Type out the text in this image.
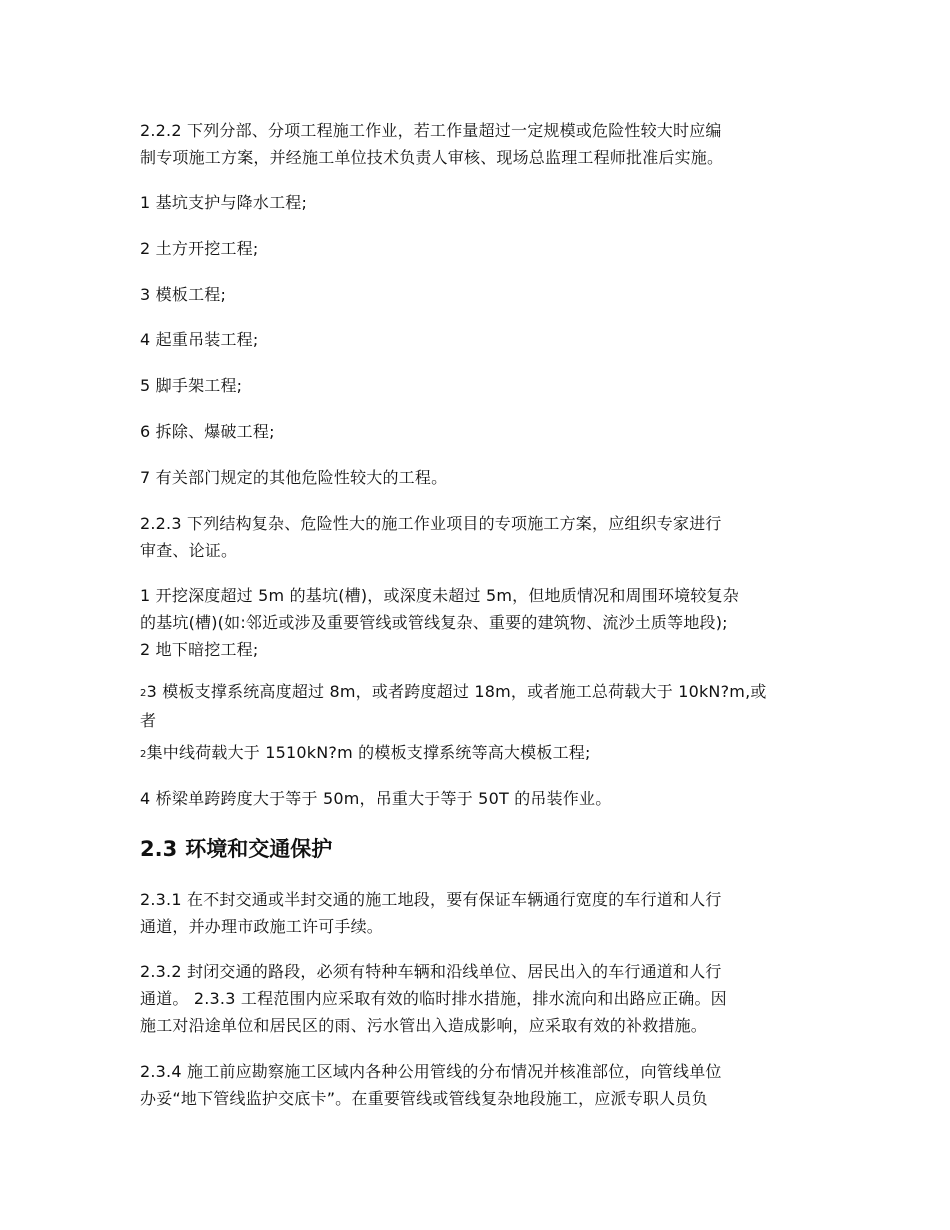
2.2.2 下列分部、分项工程施工作业，若工作量超过一定规模或危险性较大时应编
制专项施工方案，并经施工单位技术负责人审核、现场总监理工程师批准后实施。

1 基坑支护与降水工程;

2 土方开挖工程;

3 模板工程;

4 起重吊装工程;

5 脚手架工程;

6 拆除、爆破工程;

7 有关部门规定的其他危险性较大的工程。

2.2.3 下列结构复杂、危险性大的施工作业项目的专项施工方案，应组织专家进行
审查、论证。

1 开挖深度超过 5m 的基坑(槽)，或深度未超过 5m，但地质情况和周围环境较复杂
的基坑(槽)(如:邻近或涉及重要管线或管线复杂、重要的建筑物、流沙土质等地段);
2 地下暗挖工程;

23 模板支撑系统高度超过 8m，或者跨度超过 18m，或者施工总荷载大于 10kN?m,或
者

2集中线荷载大于 1510kN?m 的模板支撑系统等高大模板工程;

4 桥梁单跨跨度大于等于 50m，吊重大于等于 50T 的吊装作业。

2.3 环境和交通保护

2.3.1 在不封交通或半封交通的施工地段，要有保证车辆通行宽度的车行道和人行
通道，并办理市政施工许可手续。

2.3.2 封闭交通的路段，必须有特种车辆和沿线单位、居民出入的车行通道和人行
通道。 2.3.3 工程范围内应采取有效的临时排水措施，排水流向和出路应正确。因
施工对沿途单位和居民区的雨、污水管出入造成影响，应采取有效的补救措施。

2.3.4 施工前应勘察施工区域内各种公用管线的分布情况并核准部位，向管线单位
办妥“地下管线监护交底卡”。在重要管线或管线复杂地段施工，应派专职人员负
